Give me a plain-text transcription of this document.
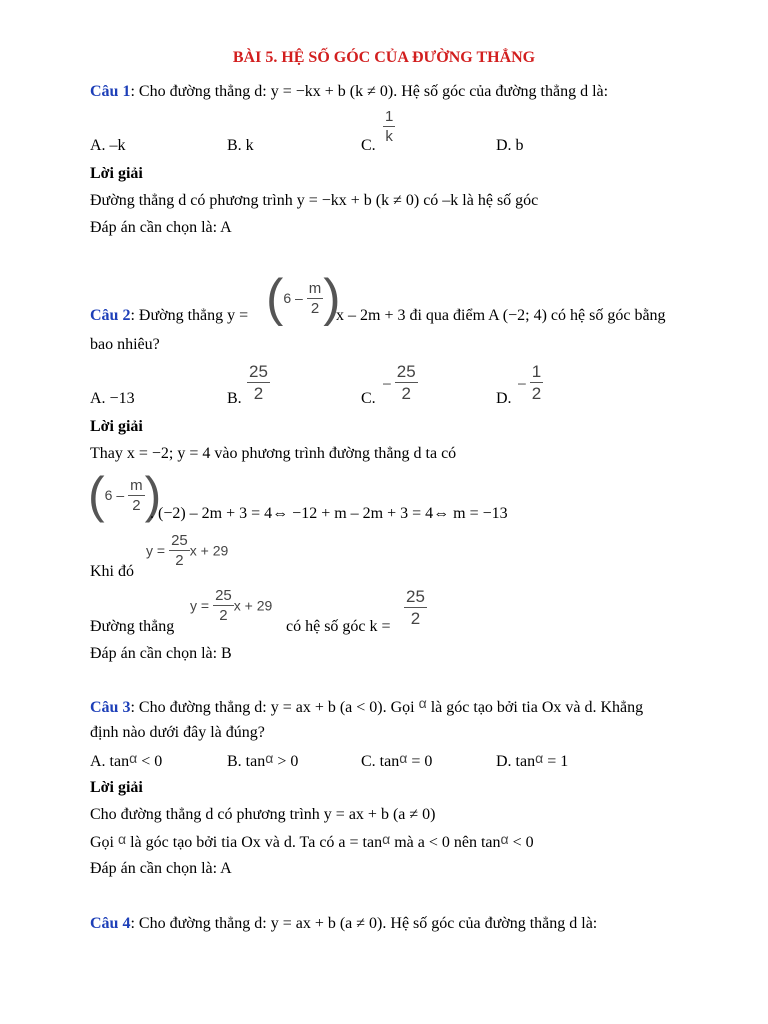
BÀI 5. HỆ SỐ GÓC CỦA ĐƯỜNG THẲNG
Câu 1: Cho đường thẳng d: y = −kx + b (k ≠ 0). Hệ số góc của đường thẳng d là:
A. –k	B. k	C.
$\frac{1}{k}$
D. b
Lời giải
Đường thẳng d có phương trình y = −kx + b (k ≠ 0) có –k là hệ số góc
Đáp án cần chọn là: A
Câu 2: Đường thẳng $y = (6 - \frac{m}{2}$ )
x – 2m + 3 đi qua điểm A (−2; 4) có hệ số góc bằng
bao nhiêu?
A. −13	B. $\frac{25}{2}$	C.
– $\frac{25}{2}$	D.
– $\frac{1}{2}$
Lời giải
Thay x = −2; y = 4 vào phương trình đường thẳng d ta có
($6 - \frac{m}{2}$ )
. (−2) – 2m + 3 = 4⇔ −12 + m – 2m + 3 = 4⇔ m = −13
Khi đó
$y = \frac{25}{2}$ x + 29
Đường thẳng
$y = \frac{25}{2}$ x + 29
có hệ số góc $k = \frac{25}{2}$
Đáp án cần chọn là: B
Câu 3: Cho đường thẳng d: y = ax + b (a < 0). Gọi α là góc tạo bởi tia Ox và d. Khẳng
định nào dưới đây là đúng?
A. tanα < 0	B. tanα > 0	C. tanα = 0	D. tanα = 1
Lời giải
Cho đường thẳng d có phương trình y = ax + b (a ≠ 0)
Gọi α là góc tạo bởi tia Ox và d. Ta có a = tanα mà a < 0 nên tanα < 0
Đáp án cần chọn là: A
Câu 4: Cho đường thẳng d: y = ax + b (a ≠ 0). Hệ số góc của đường thẳng d là:
